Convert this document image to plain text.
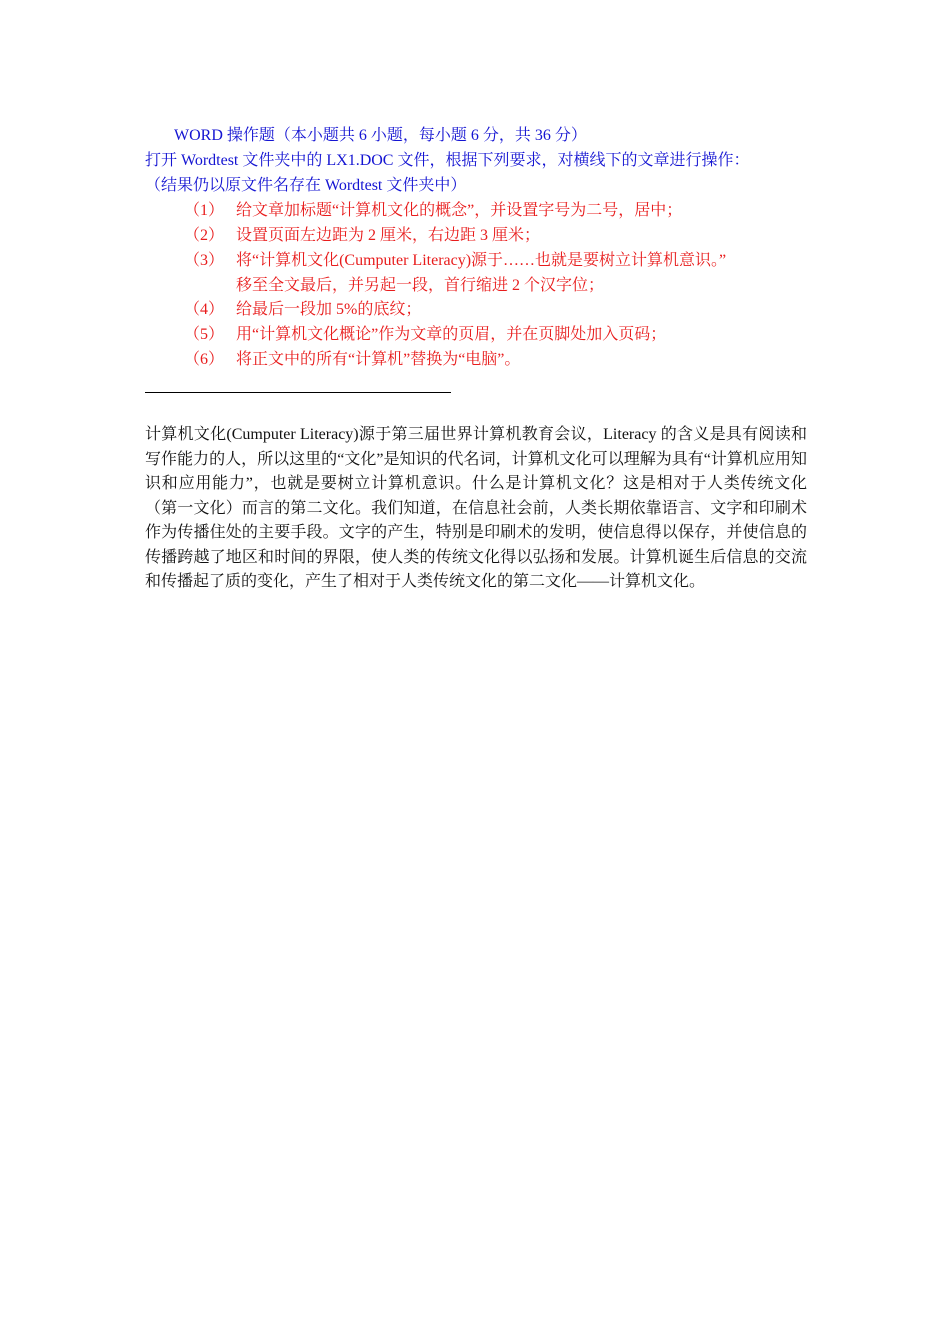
WORD 操作题（本小题共 6 小题，每小题 6 分，共 36 分）
打开 Wordtest 文件夹中的 LX1.DOC 文件，根据下列要求，对横线下的文章进行操作：
（结果仍以原文件名存在 Wordtest 文件夹中）
（1） 给文章加标题“计算机文化的概念”，并设置字号为二号，居中；
（2） 设置页面左边距为 2 厘米，右边距 3 厘米；
（3） 将“计算机文化(Cumputer Literacy)源于……也就是要树立计算机意识。”
移至全文最后，并另起一段，首行缩进 2 个汉字位；
（4） 给最后一段加 5%的底纹；
（5） 用“计算机文化概论”作为文章的页眉，并在页脚处加入页码；
（6） 将正文中的所有“计算机”替换为“电脑”。
计算机文化(Cumputer Literacy)源于第三届世界计算机教育会议，Literacy 的含义是具有阅读和写作能力的人，所以这里的“文化”是知识的代名词，计算机文化可以理解为具有“计算机应用知识和应用能力”，也就是要树立计算机意识。什么是计算机文化？这是相对于人类传统文化（第一文化）而言的第二文化。我们知道，在信息社会前，人类长期依靠语言、文字和印刷术作为传播住处的主要手段。文字的产生，特别是印刷术的发明，使信息得以保存，并使信息的传播跨越了地区和时间的界限，使人类的传统文化得以弘扬和发展。计算机诞生后信息的交流和传播起了质的变化，产生了相对于人类传统文化的第二文化——计算机文化。
